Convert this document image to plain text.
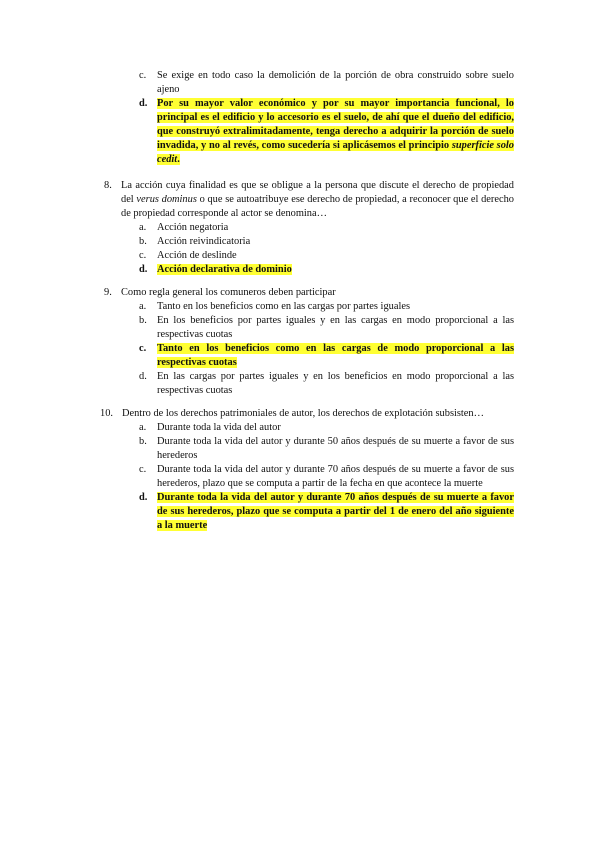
c. Se exige en todo caso la demolición de la porción de obra construido sobre suelo ajeno
d. Por su mayor valor económico y por su mayor importancia funcional, lo principal es el edificio y lo accesorio es el suelo, de ahí que el dueño del edificio, que construyó extralimitadamente, tenga derecho a adquirir la porción de suelo invadida, y no al revés, como sucedería si aplicásemos el principio superficie solo cedit.
8. La acción cuya finalidad es que se obligue a la persona que discute el derecho de propiedad del verus dominus o que se autoatribuye ese derecho de propiedad, a reconocer que el derecho de propiedad corresponde al actor se denomina…
a. Acción negatoria
b. Acción reivindicatoria
c. Acción de deslinde
d. Acción declarativa de dominio
9. Como regla general los comuneros deben participar
a. Tanto en los beneficios como en las cargas por partes iguales
b. En los beneficios por partes iguales y en las cargas en modo proporcional a las respectivas cuotas
c. Tanto en los beneficios como en las cargas de modo proporcional a las respectivas cuotas
d. En las cargas por partes iguales y en los beneficios en modo proporcional a las respectivas cuotas
10. Dentro de los derechos patrimoniales de autor, los derechos de explotación subsisten…
a. Durante toda la vida del autor
b. Durante toda la vida del autor y durante 50 años después de su muerte a favor de sus herederos
c. Durante toda la vida del autor y durante 70 años después de su muerte a favor de sus herederos, plazo que se computa a partir de la fecha en que acontece la muerte
d. Durante toda la vida del autor y durante 70 años después de su muerte a favor de sus herederos, plazo que se computa a partir del 1 de enero del año siguiente a la muerte
